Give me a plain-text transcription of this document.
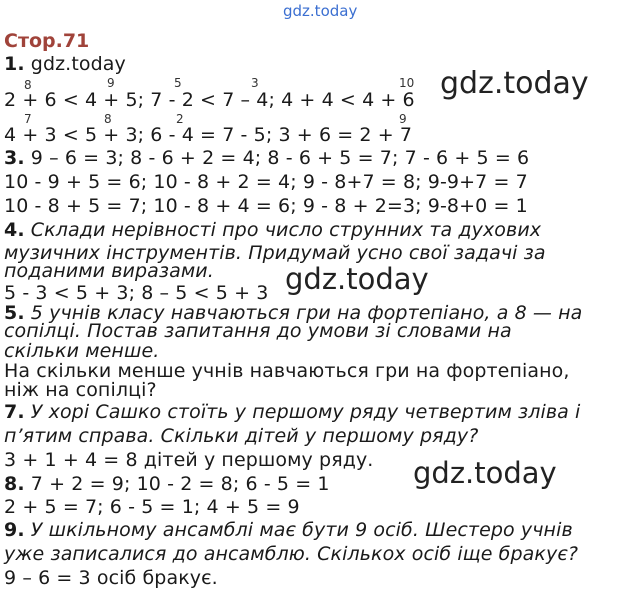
gdz.today
Стор.71
gdz.today
gdz.today
gdz.today
1. gdz.today
8	9	5	3	10
2 + 6 < 4 + 5; 7 - 2 < 7 – 4; 4 + 4 < 4 + 6
7	8	2	9
4 + 3 < 5 + 3; 6 - 4 = 7 - 5; 3 + 6 = 2 + 7
3. 9 – 6 = 3; 8 - 6 + 2 = 4; 8 - 6 + 5 = 7; 7 - 6 + 5 = 6
10 - 9 + 5 = 6; 10 - 8 + 2 = 4; 9 - 8+7 = 8; 9-9+7 = 7
10 - 8 + 5 = 7; 10 - 8 + 4 = 6; 9 - 8 + 2=3; 9-8+0 = 1
4. Склади нерівності про число струнних та духових
музичних інструментів. Придумай усно свої задачі за
поданими виразами.
5 - 3 < 5 + 3; 8 – 5 < 5 + 3
5. 5 учнів класу навчаються гри на фортепіано, а 8 — на
сопілці. Постав запитання до умови зі словами на
скільки менше.
На скільки менше учнів навчаються гри на фортепіано,
ніж на сопілці?
7. У хорі Сашко стоїть у першому ряду четвертим зліва і
п’ятим справа. Скільки дітей у першому ряду?
3 + 1 + 4 = 8 дітей у першому ряду.
8. 7 + 2 = 9; 10 - 2 = 8; 6 - 5 = 1
2 + 5 = 7; 6 - 5 = 1; 4 + 5 = 9
9. У шкільному ансамблі має бути 9 осіб. Шестеро учнів
уже записалися до ансамблю. Скількох осіб іще бракує?
9 – 6 = 3 осіб бракує.
